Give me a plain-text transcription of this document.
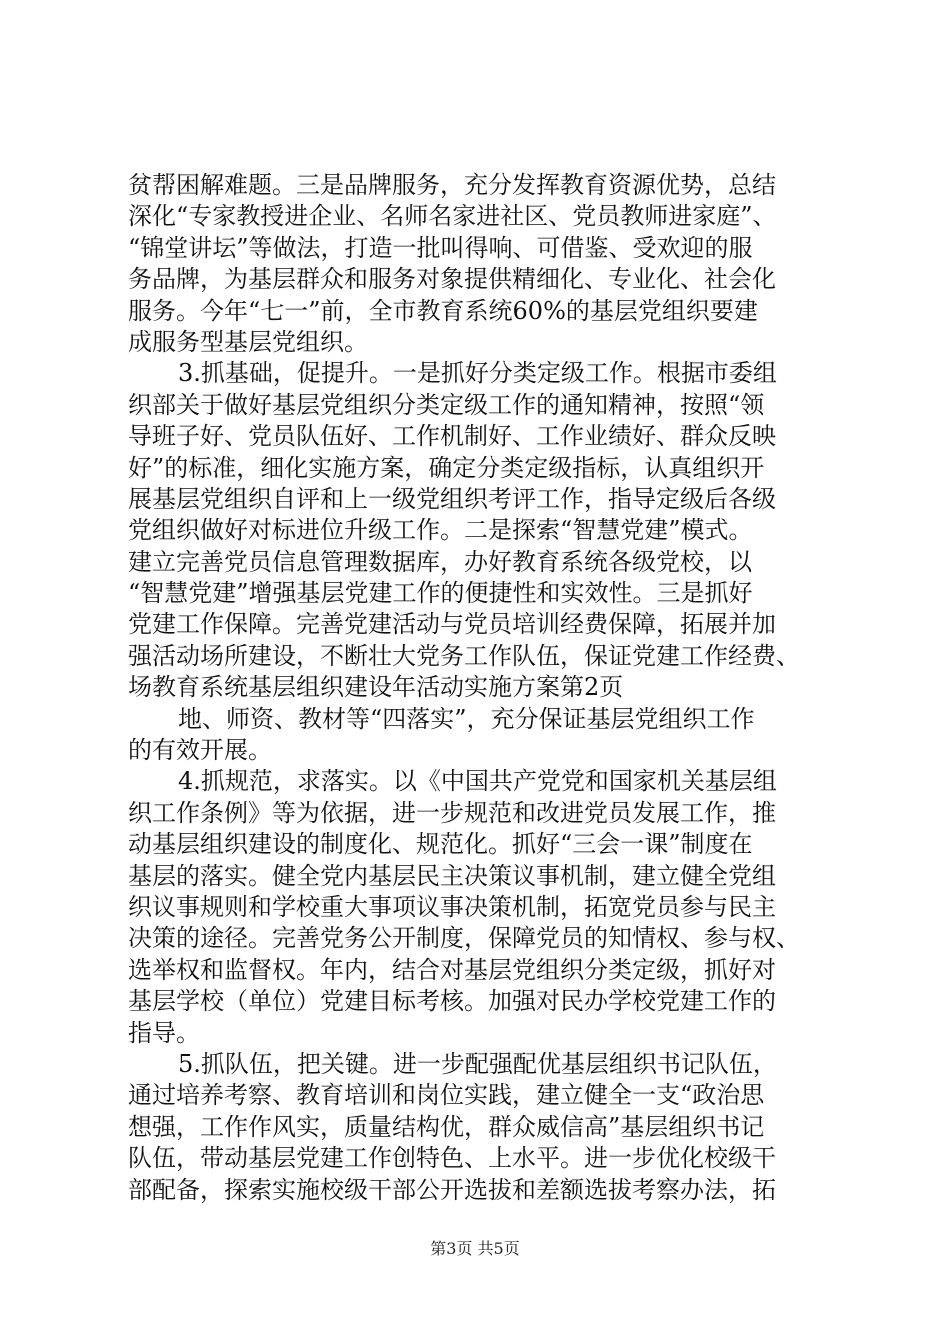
贫帮困解难题。三是品牌服务，充分发挥教育资源优势，总结
深化“专家教授进企业、名师名家进社区、党员教师进家庭”、
“锦堂讲坛”等做法，打造一批叫得响、可借鉴、受欢迎的服
务品牌，为基层群众和服务对象提供精细化、专业化、社会化
服务。今年“七一”前，全市教育系统60%的基层党组织要建
成服务型基层党组织。
3.抓基础，促提升。一是抓好分类定级工作。根据市委组
织部关于做好基层党组织分类定级工作的通知精神，按照“领
导班子好、党员队伍好、工作机制好、工作业绩好、群众反映
好”的标准，细化实施方案，确定分类定级指标，认真组织开
展基层党组织自评和上一级党组织考评工作，指导定级后各级
党组织做好对标进位升级工作。二是探索“智慧党建”模式。
建立完善党员信息管理数据库，办好教育系统各级党校，以
“智慧党建”增强基层党建工作的便捷性和实效性。三是抓好
党建工作保障。完善党建活动与党员培训经费保障，拓展并加
强活动场所建设，不断壮大党务工作队伍，保证党建工作经费、
场教育系统基层组织建设年活动实施方案第2页
地、师资、教材等“四落实”，充分保证基层党组织工作
的有效开展。
4.抓规范，求落实。以《中国共产党党和国家机关基层组
织工作条例》等为依据，进一步规范和改进党员发展工作，推
动基层组织建设的制度化、规范化。抓好“三会一课”制度在
基层的落实。健全党内基层民主决策议事机制，建立健全党组
织议事规则和学校重大事项议事决策机制，拓宽党员参与民主
决策的途径。完善党务公开制度，保障党员的知情权、参与权、
选举权和监督权。年内，结合对基层党组织分类定级，抓好对
基层学校（单位）党建目标考核。加强对民办学校党建工作的
指导。
5.抓队伍，把关键。进一步配强配优基层组织书记队伍，
通过培养考察、教育培训和岗位实践，建立健全一支“政治思
想强，工作作风实，质量结构优，群众威信高”基层组织书记
队伍，带动基层党建工作创特色、上水平。进一步优化校级干
部配备，探索实施校级干部公开选拔和差额选拔考察办法，拓
第3页 共5页
